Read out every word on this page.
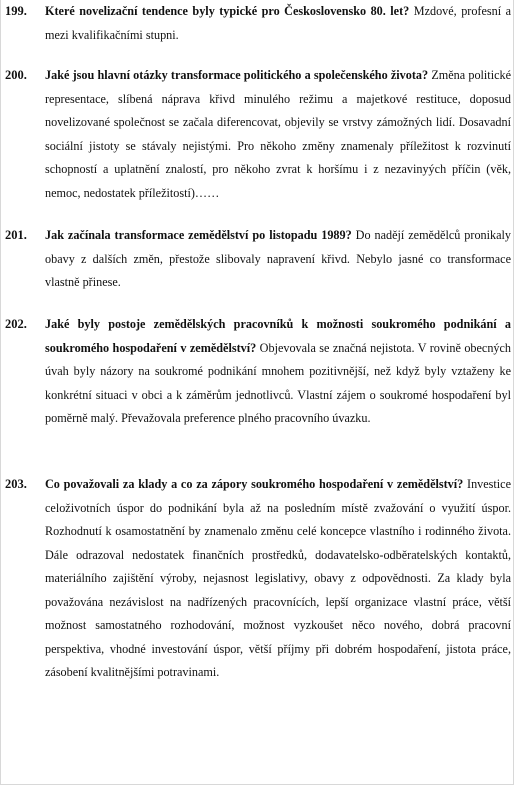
199.	Které novelizační tendence byly typické pro Československo 80. let? Mzdové, profesní a mezi kvalifikačními stupni.
200.	Jaké jsou hlavní otázky transformace politického a společenského života? Změna politické representace, slíbená náprava křivd minulého režimu a majetkové restituce, doposud novelizované společnost se začala diferencovat, objevily se vrstvy zámožných lidí. Dosavadní sociální jistoty se stávaly nejistými. Pro někoho změny znamenaly příležitost k rozvinutí schopností a uplatnění znalostí, pro někoho zvrat k horšímu i z nezavinyých příčin (věk, nemoc, nedostatek příležitostí)……
201.	Jak začínala transformace zemědělství po listopadu 1989? Do nadějí zemědělců pronikaly obavy z dalších změn, přestože slibovaly napravení křivd. Nebylo jasné co transformace vlastně přinese.
202.	Jaké byly postoje zemědělských pracovníků k možnosti soukromého podnikání a soukromého hospodaření v zemědělství? Objevovala se značná nejistota. V rovině obecných úvah byly názory na soukromé podnikání mnohem pozitivnější, než když byly vztaženy ke konkrétní situaci v obci a k záměrům jednotlivců. Vlastní zájem o soukromé hospodaření byl poměrně malý. Převažovala preference plného pracovního úvazku.
203.	Co považovali za klady a co za zápory soukromého hospodaření v zemědělství? Investice celoživotních úspor do podnikání byla až na posledním místě zvažování o využití úspor. Rozhodnutí k osamostatnění by znamenalo změnu celé koncepce vlastního i rodinného života. Dále odrazoval nedostatek finančních prostředků, dodavatelsko-odběratelských kontaktů, materiálního zajištění výroby, nejasnost legislativy, obavy z odpovědnosti. Za klady byla považována nezávislost na nadřízených pracovnících, lepší organizace vlastní práce, větší možnost samostatného rozhodování, možnost vyzkoušet něco nového, dobrá pracovní perspektiva, vhodné investování úspor, větší příjmy při dobrém hospodaření, jistota práce, zásobení kvalitnějšími potravinami.
